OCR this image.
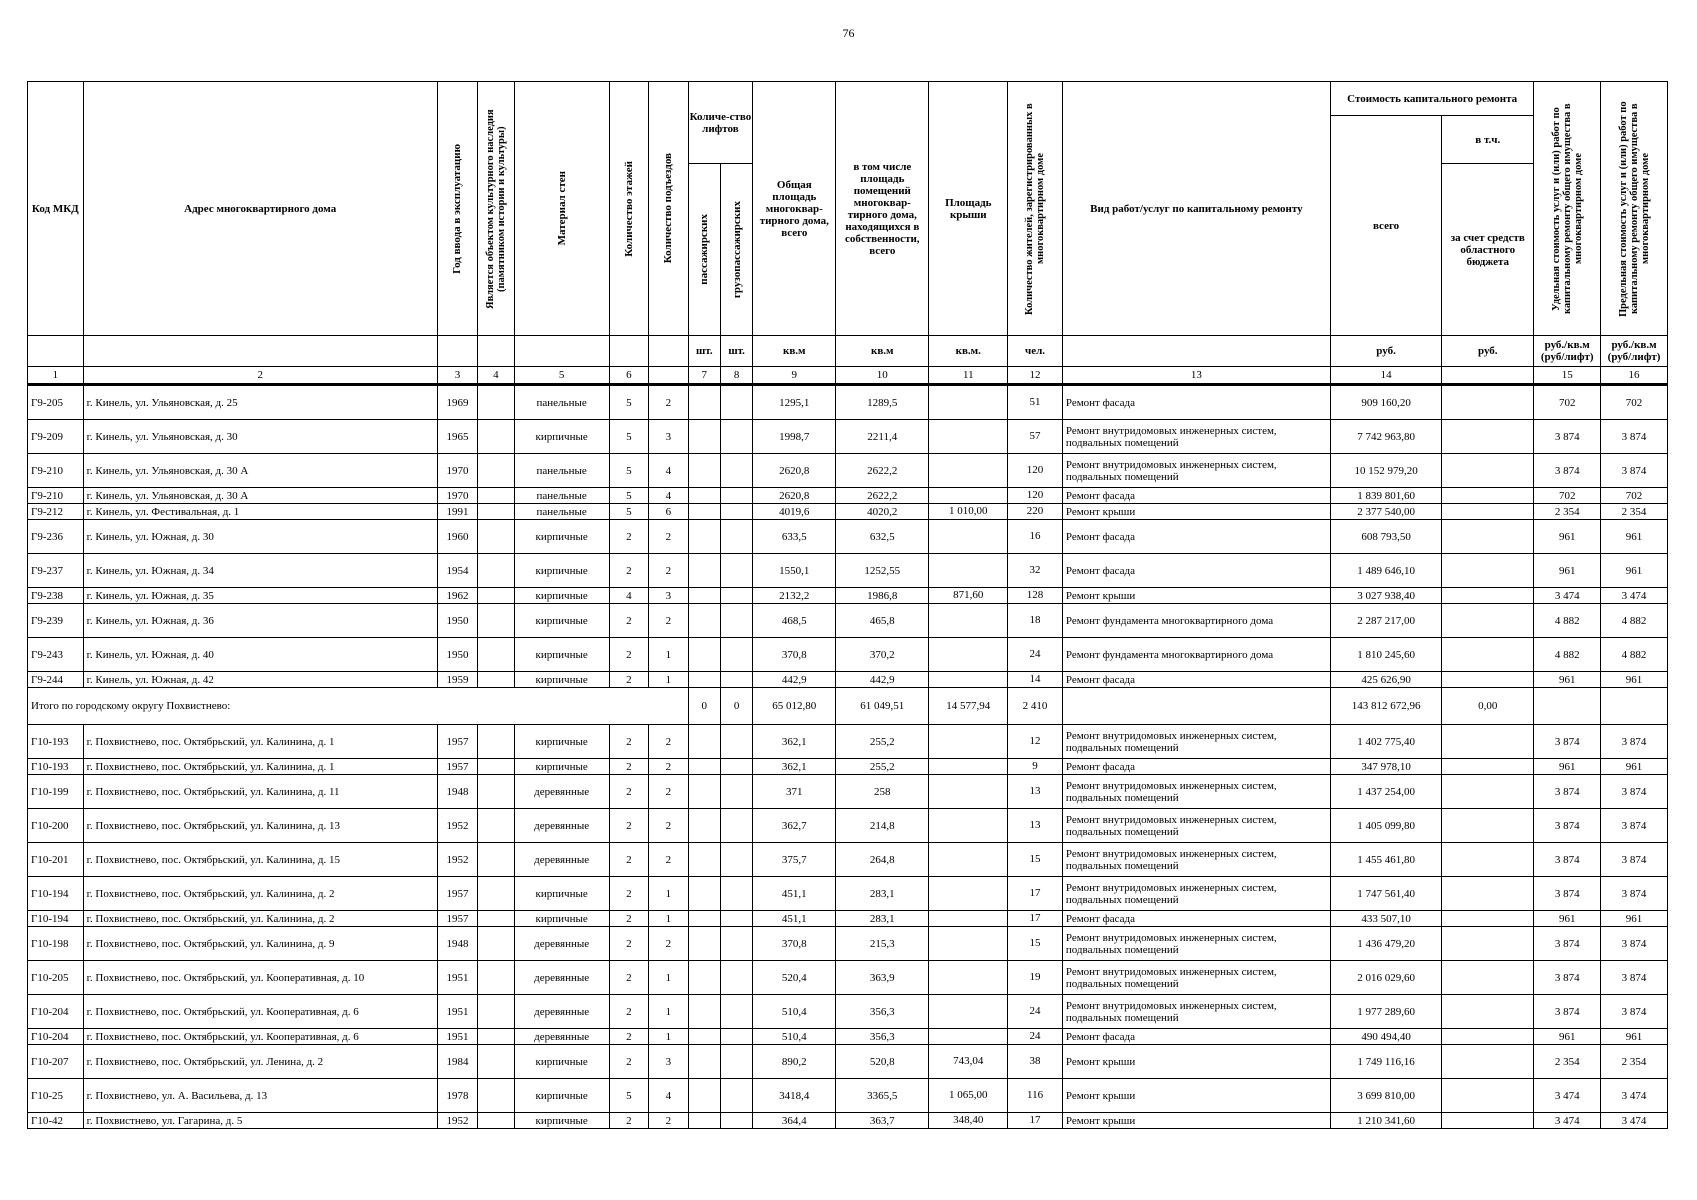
76
Код МКД	Адрес многоквартирного дома	Год ввода в эксплуатацию	Является объектом культурного наследия (памятником истории и культуры)	Материал стен	Количество этажей	Количество подъездов	Количе-ство лифтов		Общая площадь многоквар-тирного дома, всего	в том числе площадь помещений многоквар-тирного дома, находящихся в собственности, всего	Площадь крыши	Количество жителей, зарегистрированных в многоквартирном доме	Вид работ/услуг по капитальному ремонту	Стоимость капитального ремонта		Удельная стоимость услуг и (или) работ по капитальному ремонту общего имущества в многоквартирном доме	Предельная стоимость услуг и (или) работ по капитальному ремонту общего имущества в многоквартирном доме

														всего	в т.ч.		

							пассажирских	грузопассажирских							за счет средств областного бюджета		
							шт.	шт.	кв.м	кв.м	кв.м.	чел.		руб.	руб.	руб./кв.м (руб/лифт)	руб./кв.м (руб/лифт)
1	2	3	4	5	6		7	8	9	10	11	12	13	14		15	16
Г9-205	г. Кинель, ул. Ульяновская, д. 25	1969		панельные	5	2			1295,1	1289,5		51	Ремонт фасада	909 160,20		702	702
Г9-209	г. Кинель, ул. Ульяновская, д. 30	1965		кирпичные	5	3			1998,7	2211,4		57	Ремонт внутридомовых инженерных систем, подвальных помещений	7 742 963,80		3 874	3 874
Г9-210	г. Кинель, ул. Ульяновская, д. 30 А	1970		панельные	5	4			2620,8	2622,2		120	Ремонт внутридомовых инженерных систем, подвальных помещений	10 152 979,20		3 874	3 874
Г9-210	г. Кинель, ул. Ульяновская, д. 30 А	1970		панельные	5	4			2620,8	2622,2		120	Ремонт фасада	1 839 801,60		702	702
Г9-212	г. Кинель, ул. Фестивальная, д. 1	1991		панельные	5	6			4019,6	4020,2	1 010,00	220	Ремонт крыши	2 377 540,00		2 354	2 354
Г9-236	г. Кинель, ул. Южная, д. 30	1960		кирпичные	2	2			633,5	632,5		16	Ремонт фасада	608 793,50		961	961
Г9-237	г. Кинель, ул. Южная, д. 34	1954		кирпичные	2	2			1550,1	1252,55		32	Ремонт фасада	1 489 646,10		961	961
Г9-238	г. Кинель, ул. Южная, д. 35	1962		кирпичные	4	3			2132,2	1986,8	871,60	128	Ремонт крыши	3 027 938,40		3 474	3 474
Г9-239	г. Кинель, ул. Южная, д. 36	1950		кирпичные	2	2			468,5	465,8		18	Ремонт фундамента многоквартирного дома	2 287 217,00		4 882	4 882
Г9-243	г. Кинель, ул. Южная, д. 40	1950		кирпичные	2	1			370,8	370,2		24	Ремонт фундамента многоквартирного дома	1 810 245,60		4 882	4 882
Г9-244	г. Кинель, ул. Южная, д. 42	1959		кирпичные	2	1			442,9	442,9		14	Ремонт фасада	425 626,90		961	961
Итого по городскому округу Похвистнево:							0	0	65 012,80	61 049,51	14 577,94	2 410		143 812 672,96	0,00		
Г10-193	г. Похвистнево, пос. Октябрьский, ул. Калинина, д. 1	1957		кирпичные	2	2			362,1	255,2		12	Ремонт внутридомовых инженерных систем, подвальных помещений	1 402 775,40		3 874	3 874
Г10-193	г. Похвистнево, пос. Октябрьский, ул. Калинина, д. 1	1957		кирпичные	2	2			362,1	255,2		9	Ремонт фасада	347 978,10		961	961
Г10-199	г. Похвистнево, пос. Октябрьский, ул. Калинина, д. 11	1948		деревянные	2	2			371	258		13	Ремонт внутридомовых инженерных систем, подвальных помещений	1 437 254,00		3 874	3 874
Г10-200	г. Похвистнево, пос. Октябрьский, ул. Калинина, д. 13	1952		деревянные	2	2			362,7	214,8		13	Ремонт внутридомовых инженерных систем, подвальных помещений	1 405 099,80		3 874	3 874
Г10-201	г. Похвистнево, пос. Октябрьский, ул. Калинина, д. 15	1952		деревянные	2	2			375,7	264,8		15	Ремонт внутридомовых инженерных систем, подвальных помещений	1 455 461,80		3 874	3 874
Г10-194	г. Похвистнево, пос. Октябрьский, ул. Калинина, д. 2	1957		кирпичные	2	1			451,1	283,1		17	Ремонт внутридомовых инженерных систем, подвальных помещений	1 747 561,40		3 874	3 874
Г10-194	г. Похвистнево, пос. Октябрьский, ул. Калинина, д. 2	1957		кирпичные	2	1			451,1	283,1		17	Ремонт фасада	433 507,10		961	961
Г10-198	г. Похвистнево, пос. Октябрьский, ул. Калинина, д. 9	1948		деревянные	2	2			370,8	215,3		15	Ремонт внутридомовых инженерных систем, подвальных помещений	1 436 479,20		3 874	3 874
Г10-205	г. Похвистнево, пос. Октябрьский, ул. Кооперативная, д. 10	1951		деревянные	2	1			520,4	363,9		19	Ремонт внутридомовых инженерных систем, подвальных помещений	2 016 029,60		3 874	3 874
Г10-204	г. Похвистнево, пос. Октябрьский, ул. Кооперативная, д. 6	1951		деревянные	2	1			510,4	356,3		24	Ремонт внутридомовых инженерных систем, подвальных помещений	1 977 289,60		3 874	3 874
Г10-204	г. Похвистнево, пос. Октябрьский, ул. Кооперативная, д. 6	1951		деревянные	2	1			510,4	356,3		24	Ремонт фасада	490 494,40		961	961
Г10-207	г. Похвистнево, пос. Октябрьский, ул. Ленина, д. 2	1984		кирпичные	2	3			890,2	520,8	743,04	38	Ремонт крыши	1 749 116,16		2 354	2 354
Г10-25	г. Похвистнево, ул. А. Васильева, д. 13	1978		кирпичные	5	4			3418,4	3365,5	1 065,00	116	Ремонт крыши	3 699 810,00		3 474	3 474
Г10-42	г. Похвистнево, ул. Гагарина, д. 5	1952		кирпичные	2	2			364,4	363,7	348,40	17	Ремонт крыши	1 210 341,60		3 474	3 474
